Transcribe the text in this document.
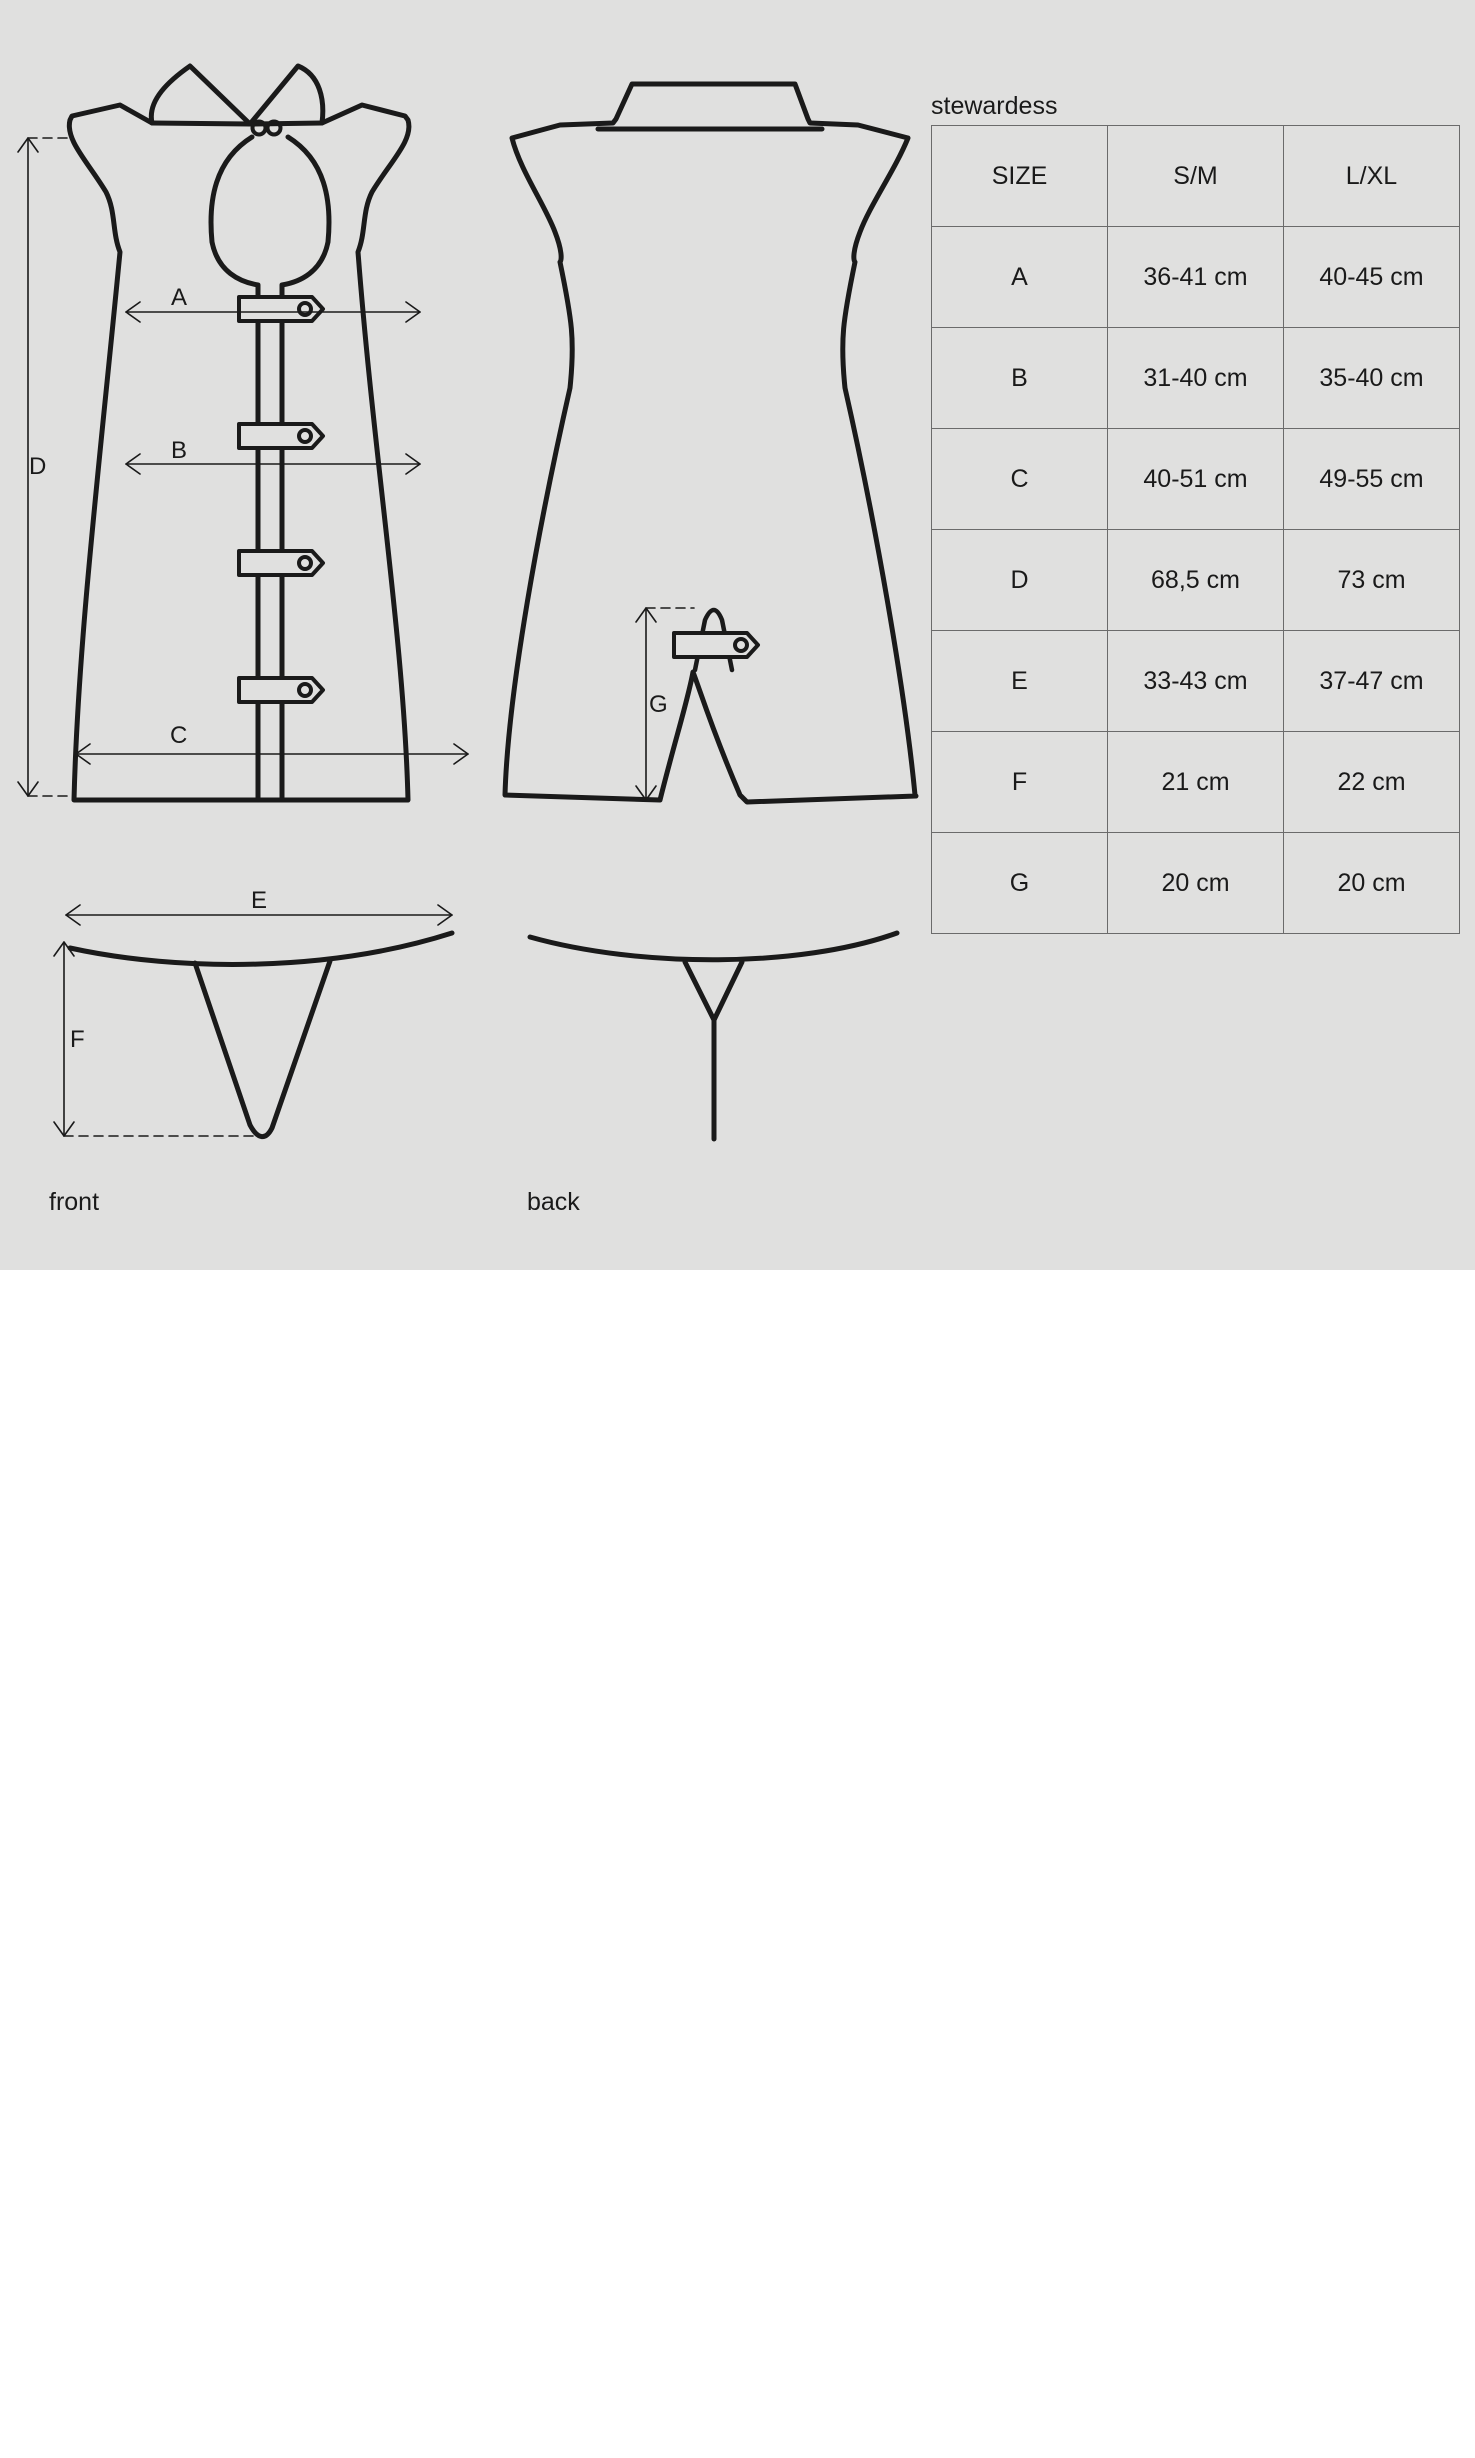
A
B
C
D
E
F
G
front	back
stewardess
SIZE	S/M	L/XL
A	36-41 cm	40-45 cm
B	31-40 cm	35-40 cm
C	40-51 cm	49-55 cm
D	68,5 cm	73 cm
E	33-43 cm	37-47 cm
F	21 cm	22 cm
G	20 cm	20 cm
